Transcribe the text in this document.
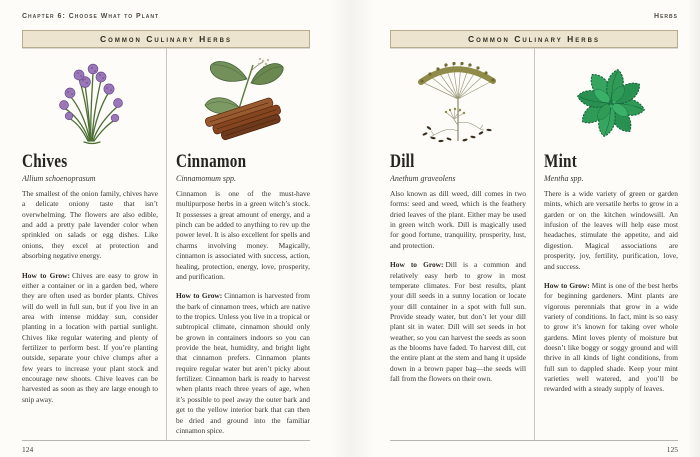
Chapter 6: Choose What to Plant
Common Culinary Herbs
Chives
Allium schoenoprasum

The smallest of the onion family, chives have a delicate oniony taste that isn’t overwhelming. The flowers are also edible, and add a pretty pale lavender color when sprinkled on salads or egg dishes. Like onions, they excel at protection and absorbing negative energy.

How to Grow: Chives are easy to grow in either a container or in a garden bed, where they are often used as border plants. Chives will do well in full sun, but if you live in an area with intense midday sun, consider planting in a location with partial sunlight. Chives like regular watering and plenty of fertilizer to perform best. If you’re planting outside, separate your chive clumps after a few years to increase your plant stock and encourage new shoots. Chive leaves can be harvested as soon as they are large enough to snip away.

Cinnamon
Cinnamomum spp.

Cinnamon is one of the must-have multipurpose herbs in a green witch’s stock. It possesses a great amount of energy, and a pinch can be added to anything to rev up the power level. It is also excellent for spells and charms involving money. Magically, cinnamon is associated with success, action, healing, protection, energy, love, prosperity, and purification.

How to Grow: Cinnamon is harvested from the bark of cinnamon trees, which are native to the tropics. Unless you live in a tropical or subtropical climate, cinnamon should only be grown in containers indoors so you can provide the heat, humidity, and bright light that cinnamon prefers. Cinnamon plants require regular water but aren’t picky about fertilizer. Cinnamon bark is ready to harvest when plants reach three years of age, when it’s possible to peel away the outer bark and get to the yellow interior bark that can then be dried and ground into the familiar cinnamon spice.

124
Herbs
Common Culinary Herbs
Dill
Anethum graveolens

Also known as dill weed, dill comes in two forms: seed and weed, which is the feathery dried leaves of the plant. Either may be used in green witch work. Dill is magically used for good fortune, tranquility, prosperity, lust, and protection.

How to Grow: Dill is a common and relatively easy herb to grow in most temperate climates. For best results, plant your dill seeds in a sunny location or locate your dill container in a spot with full sun. Provide steady water, but don’t let your dill plant sit in water. Dill will set seeds in hot weather, so you can harvest the seeds as soon as the blooms have faded. To harvest dill, cut the entire plant at the stem and hang it upside down in a brown paper bag—the seeds will fall from the flowers on their own.

Mint
Mentha spp.

There is a wide variety of green or garden mints, which are versatile herbs to grow in a garden or on the kitchen windowsill. An infusion of the leaves will help ease most headaches, stimulate the appetite, and aid digestion. Magical associations are prosperity, joy, fertility, purification, love, and success.

How to Grow: Mint is one of the best herbs for beginning gardeners. Mint plants are vigorous perennials that grow in a wide variety of conditions. In fact, mint is so easy to grow it’s known for taking over whole gardens. Mint loves plenty of moisture but doesn’t like boggy or soggy ground and will thrive in all kinds of light conditions, from full sun to dappled shade. Keep your mint varieties well watered, and you’ll be rewarded with a steady supply of leaves.

125
